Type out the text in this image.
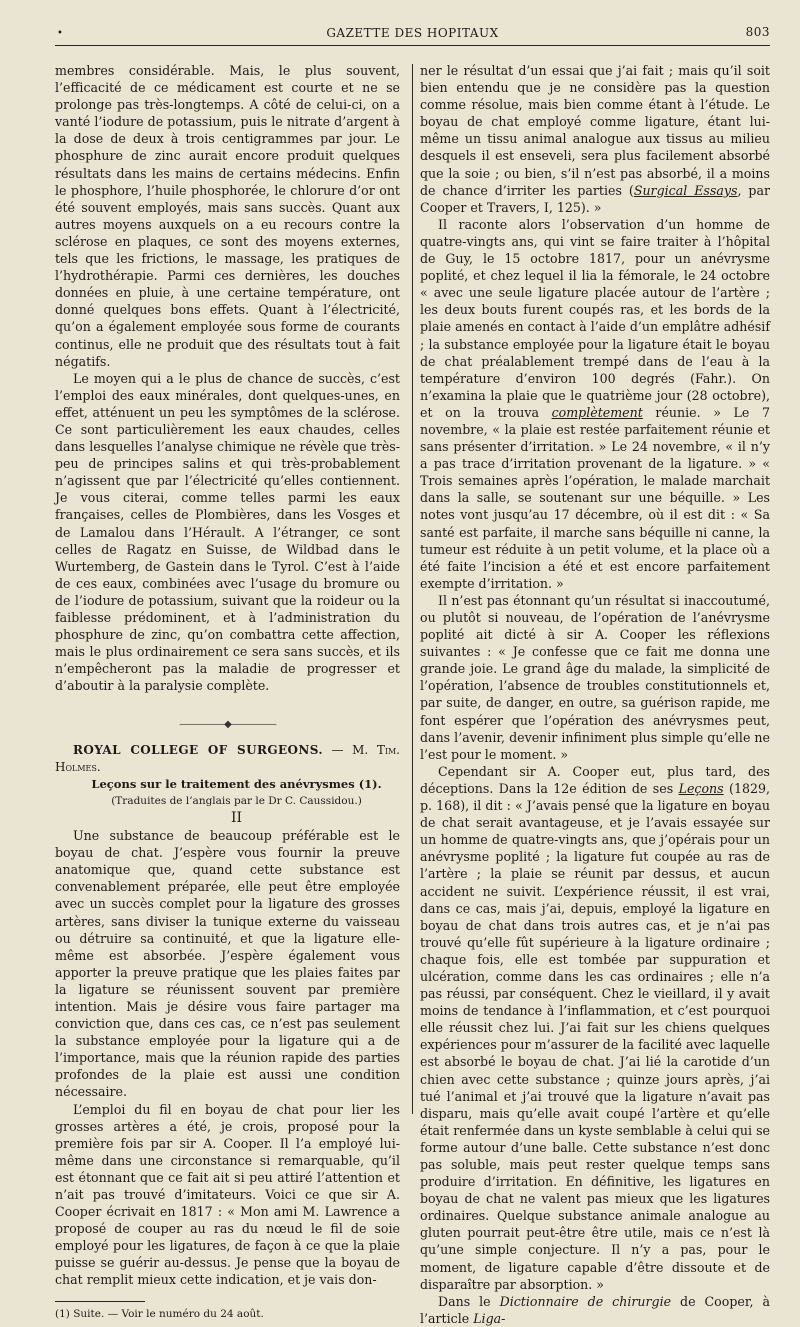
•	GAZETTE DES HOPITAUX	803

membres considérable. Mais, le plus souvent, l’efficacité de ce médicament est courte et ne se prolonge pas très-longtemps. A côté de celui-ci, on a vanté l’iodure de potassium, puis le nitrate d’argent à la dose de deux à trois centigrammes par jour. Le phosphure de zinc aurait encore produit quelques résultats dans les mains de certains médecins. Enfin le phosphore, l’huile phosphorée, le chlorure d’or ont été souvent employés, mais sans succès. Quant aux autres moyens auxquels on a eu recours contre la sclérose en plaques, ce sont des moyens externes, tels que les frictions, le massage, les pratiques de l’hydrothérapie. Parmi ces dernières, les douches données en pluie, à une certaine température, ont donné quelques bons effets. Quant à l’électricité, qu’on a également employée sous forme de courants continus, elle ne produit que des résultats tout à fait négatifs.

Le moyen qui a le plus de chance de succès, c’est l’emploi des eaux minérales, dont quelques-unes, en effet, atténuent un peu les symptômes de la sclérose. Ce sont particulièrement les eaux chaudes, celles dans lesquelles l’analyse chimique ne révèle que très-peu de principes salins et qui très-probablement n’agissent que par l’électricité qu’elles contiennent. Je vous citerai, comme telles parmi les eaux françaises, celles de Plombières, dans les Vosges et de Lamalou dans l’Hérault. A l’étranger, ce sont celles de Ragatz en Suisse, de Wildbad dans le Wurtemberg, de Gastein dans le Tyrol. C’est à l’aide de ces eaux, combinées avec l’usage du bromure ou de l’iodure de potassium, suivant que la roideur ou la faiblesse prédominent, et à l’administration du phosphure de zinc, qu’on combattra cette affection, mais le plus ordinairement ce sera sans succès, et ils n’empêcheront pas la maladie de progresser et d’aboutir à la paralysie complète.

—————◆—————

ROYAL COLLEGE OF SURGEONS. — M. Tim. Holmes.

Leçons sur le traitement des anévrysmes (1).

(Traduites de l’anglais par le Dr C. Caussidou.)

II

Une substance de beaucoup préférable est le boyau de chat. J’espère vous fournir la preuve anatomique que, quand cette substance est convenablement préparée, elle peut être employée avec un succès complet pour la ligature des grosses artères, sans diviser la tunique externe du vaisseau ou détruire sa continuité, et que la ligature elle-même est absorbée. J’espère également vous apporter la preuve pratique que les plaies faites par la ligature se réunissent souvent par première intention. Mais je désire vous faire partager ma conviction que, dans ces cas, ce n’est pas seulement la substance employée pour la ligature qui a de l’importance, mais que la réunion rapide des parties profondes de la plaie est aussi une condition nécessaire.

L’emploi du fil en boyau de chat pour lier les grosses artères a été, je crois, proposé pour la première fois par sir A. Cooper. Il l’a employé lui-même dans une circonstance si remarquable, qu’il est étonnant que ce fait ait si peu attiré l’attention et n’ait pas trouvé d’imitateurs. Voici ce que sir A. Cooper écrivait en 1817 : « Mon ami M. Lawrence a proposé de couper au ras du nœud le fil de soie employé pour les ligatures, de façon à ce que la plaie puisse se guérir au-dessus. Je pense que la boyau de chat remplit mieux cette indication, et je vais don-

(1) Suite. — Voir le numéro du 24 août.

ner le résultat d’un essai que j’ai fait ; mais qu’il soit bien entendu que je ne considère pas la question comme résolue, mais bien comme étant à l’étude. Le boyau de chat employé comme ligature, étant lui-même un tissu animal analogue aux tissus au milieu desquels il est enseveli, sera plus facilement absorbé que la soie ; ou bien, s’il n’est pas absorbé, il a moins de chance d’irriter les parties (Surgical Essays, par Cooper et Travers, I, 125). »

Il raconte alors l’observation d’un homme de quatre-vingts ans, qui vint se faire traiter à l’hôpital de Guy, le 15 octobre 1817, pour un anévrysme poplité, et chez lequel il lia la fémorale, le 24 octobre « avec une seule ligature placée autour de l’artère ; les deux bouts furent coupés ras, et les bords de la plaie amenés en contact à l’aide d’un emplâtre adhésif ; la substance employée pour la ligature était le boyau de chat préalablement trempé dans de l’eau à la température d’environ 100 degrés (Fahr.). On n’examina la plaie que le quatrième jour (28 octobre), et on la trouva complètement réunie. » Le 7 novembre, « la plaie est restée parfaitement réunie et sans présenter d’irritation. » Le 24 novembre, « il n’y a pas trace d’irritation provenant de la ligature. » « Trois semaines après l’opération, le malade marchait dans la salle, se soutenant sur une béquille. » Les notes vont jusqu’au 17 décembre, où il est dit : « Sa santé est parfaite, il marche sans béquille ni canne, la tumeur est réduite à un petit volume, et la place où a été faite l’incision a été et est encore parfaitement exempte d’irritation. »

Il n’est pas étonnant qu’un résultat si inaccoutumé, ou plutôt si nouveau, de l’opération de l’anévrysme poplité ait dicté à sir A. Cooper les réflexions suivantes : « Je confesse que ce fait me donna une grande joie. Le grand âge du malade, la simplicité de l’opération, l’absence de troubles constitutionnels et, par suite, de danger, en outre, sa guérison rapide, me font espérer que l’opération des anévrysmes peut, dans l’avenir, devenir infiniment plus simple qu’elle ne l’est pour le moment. »

Cependant sir A. Cooper eut, plus tard, des déceptions. Dans la 12e édition de ses Leçons (1829, p. 168), il dit : « J’avais pensé que la ligature en boyau de chat serait avantageuse, et je l’avais essayée sur un homme de quatre-vingts ans, que j’opérais pour un anévrysme poplité ; la ligature fut coupée au ras de l’artère ; la plaie se réunit par dessus, et aucun accident ne suivit. L’expérience réussit, il est vrai, dans ce cas, mais j’ai, depuis, employé la ligature en boyau de chat dans trois autres cas, et je n’ai pas trouvé qu’elle fût supérieure à la ligature ordinaire ; chaque fois, elle est tombée par suppuration et ulcération, comme dans les cas ordinaires ; elle n’a pas réussi, par conséquent. Chez le vieillard, il y avait moins de tendance à l’inflammation, et c’est pourquoi elle réussit chez lui. J’ai fait sur les chiens quelques expériences pour m’assurer de la facilité avec laquelle est absorbé le boyau de chat. J’ai lié la carotide d’un chien avec cette substance ; quinze jours après, j’ai tué l’animal et j’ai trouvé que la ligature n’avait pas disparu, mais qu’elle avait coupé l’artère et qu’elle était renfermée dans un kyste semblable à celui qui se forme autour d’une balle. Cette substance n’est donc pas soluble, mais peut rester quelque temps sans produire d’irritation. En définitive, les ligatures en boyau de chat ne valent pas mieux que les ligatures ordinaires. Quelque substance animale analogue au gluten pourrait peut-être être utile, mais ce n’est là qu’une simple conjecture. Il n’y a pas, pour le moment, de ligature capable d’être dissoute et de disparaître par absorption. »

Dans le Dictionnaire de chirurgie de Cooper, à l’article Liga-
